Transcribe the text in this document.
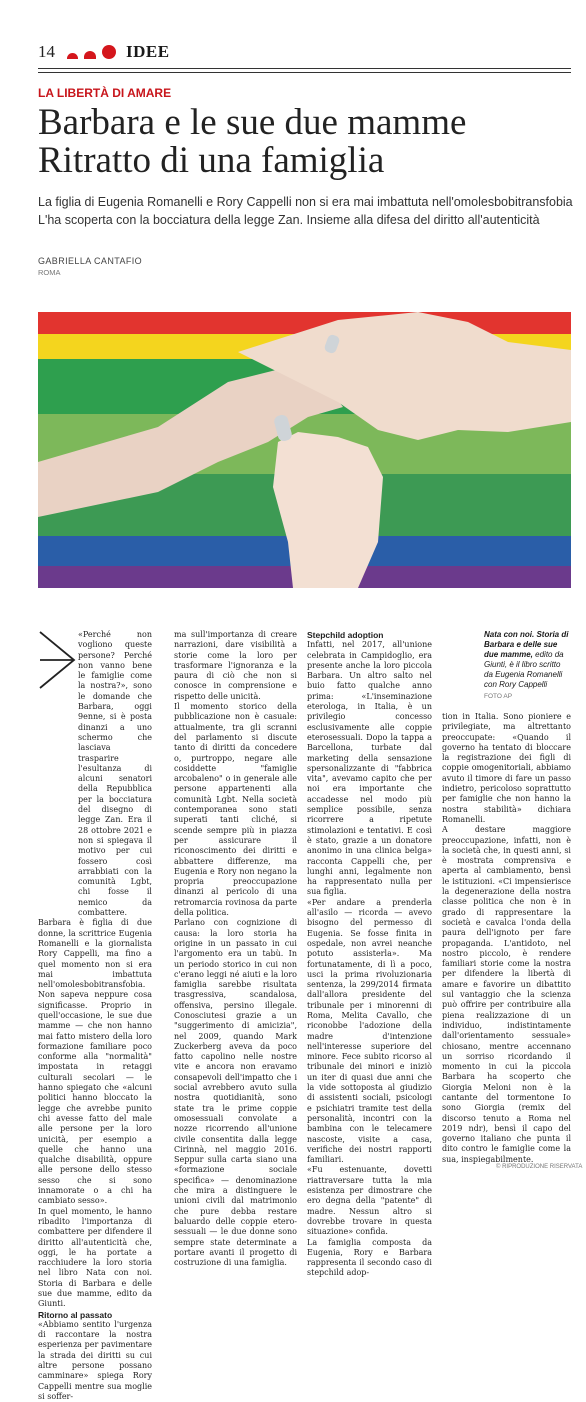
14	IDEE
LA LIBERTÀ DI AMARE
Barbara e le sue due mamme
Ritratto di una famiglia
La figlia di Eugenia Romanelli e Rory Cappelli non si era mai imbattuta nell'omolesbobitransfobia L'ha scoperta con la bocciatura della legge Zan. Insieme alla difesa del diritto all'autenticità
GABRIELLA CANTAFIO
ROMA

«Perché non vogliono queste persone? Perché non vanno bene le famiglie come la nostra?», sono le domande che Barbara, oggi 9enne, si è posta dinanzi a uno schermo che lasciava trasparire l'esultanza di alcuni senatori della Repubblica per la bocciatura del disegno di legge Zan. Era il 28 ottobre 2021 e non si spiegava il motivo per cui fossero così arrabbiati con la comunità Lgbt, chi fosse il nemico da combattere.

Barbara è figlia di due donne, la scrittrice Eugenia Romanelli e la giornalista Rory Cappelli, ma fino a quel momento non si era mai imbattuta nell'omolesbobitransfobia. Non sapeva neppure cosa significasse. Proprio in quell'occasione, le sue due mamme — che non hanno mai fatto mistero della loro formazione familiare poco conforme alla "normalità" impostata in retaggi culturali secolari — le hanno spiegato che «alcuni politici hanno bloccato la legge che avrebbe punito chi avesse fatto del male alle persone per la loro unicità, per esempio a quelle che hanno una qualche disabilità, oppure alle persone dello stesso sesso che si sono innamorate o a chi ha cambiato sesso».

In quel momento, le hanno ribadito l'importanza di combattere per difendere il diritto all'autenticità che, oggi, le ha portate a racchiudere la loro storia nel libro Nata con noi. Storia di Barbara e delle sue due mamme, edito da Giunti.

Ritorno al passato

«Abbiamo sentito l'urgenza di raccontare la nostra esperienza per pavimentare la strada dei diritti su cui altre persone possano camminare» spiega Rory Cappelli mentre sua moglie si soffer-

ma sull'importanza di creare narrazioni, dare visibilità a storie come la loro per trasformare l'ignoranza e la paura di ciò che non si conosce in comprensione e rispetto delle unicità.

Il momento storico della pubblicazione non è casuale: attualmente, tra gli scranni del parlamento si discute tanto di diritti da concedere o, purtroppo, negare alle cosiddette "famiglie arcobaleno" o in generale alle persone appartenenti alla comunità Lgbt. Nella società contemporanea sono stati superati tanti cliché, si scende sempre più in piazza per assicurare il riconoscimento dei diritti e abbattere differenze, ma Eugenia e Rory non negano la propria preoccupazione dinanzi al pericolo di una retromarcia rovinosa da parte della politica.

Parlano con cognizione di causa: la loro storia ha origine in un passato in cui l'argomento era un tabù. In un periodo storico in cui non c'erano leggi né aiuti e la loro famiglia sarebbe risultata trasgressiva, scandalosa, offensiva, persino illegale. Conosciutesi grazie a un "suggerimento di amicizia", nel 2009, quando Mark Zuckerberg aveva da poco fatto capolino nelle nostre vite e ancora non eravamo consapevoli dell'impatto che i social avrebbero avuto sulla nostra quotidianità, sono state tra le prime coppie omosessuali convolate a nozze ricorrendo all'unione civile consentita dalla legge Cirinnà, nel maggio 2016. Seppur sulla carta siano una «formazione sociale specifica» — denominazione che mira a distinguere le unioni civili dal matrimonio che pure debba restare baluardo delle coppie etero-sessuali — le due donne sono sempre state determinate a portare avanti il progetto di costruzione di una famiglia.

Stepchild adoption

Infatti, nel 2017, all'unione celebrata in Campidoglio, era presente anche la loro piccola Barbara. Un altro salto nel buio fatto qualche anno prima: «L'inseminazione eterologa, in Italia, è un privilegio concesso esclusivamente alle coppie eterosessuali. Dopo la tappa a Barcellona, turbate dal marketing della sensazione spersonalizzante di "fabbrica vita", avevamo capito che per noi era importante che accadesse nel modo più semplice possibile, senza ricorrere a ripetute stimolazioni e tentativi. E così è stato, grazie a un donatore anonimo in una clinica belga» racconta Cappelli che, per lunghi anni, legalmente non ha rappresentato nulla per sua figlia.

«Per andare a prenderla all'asilo — ricorda — avevo bisogno del permesso di Eugenia. Se fosse finita in ospedale, non avrei neanche potuto assisterla». Ma fortunatamente, di lì a poco, usci la prima rivoluzionaria sentenza, la 299/2014 firmata dall'allora presidente del tribunale per i minorenni di Roma, Melita Cavallo, che riconobbe l'adozione della madre d'intenzione nell'interesse superiore del minore. Fece subito ricorso al tribunale dei minori e iniziò un iter di quasi due anni che la vide sottoposta al giudizio di assistenti sociali, psicologi e psichiatri tramite test della personalità, incontri con la bambina con le telecamere nascoste, visite a casa, verifiche dei nostri rapporti familiari.

«Fu estenuante, dovetti riattraversare tutta la mia esistenza per dimostrare che ero degna della "patente" di madre. Nessun altro si dovrebbe trovare in questa situazione» confida.

La famiglia composta da Eugenia, Rory e Barbara rappresenta il secondo caso di stepchild adop-

Nata con noi. Storia di Barbara e delle sue due mamme, edito da Giunti, è il libro scritto da Eugenia Romanelli con Rory Cappelli
FOTO AP

tion in Italia. Sono pioniere e privilegiate, ma altrettanto preoccupate: «Quando il governo ha tentato di bloccare la registrazione dei figli di coppie omogenitoriali, abbiamo avuto il timore di fare un passo indietro, pericoloso soprattutto per famiglie che non hanno la nostra stabilità» dichiara Romanelli.

A destare maggiore preoccupazione, infatti, non è la società che, in questi anni, si è mostrata comprensiva e aperta al cambiamento, bensì le istituzioni. «Ci impensierisce la degenerazione della nostra classe politica che non è in grado di rappresentare la società e cavalca l'onda della paura dell'ignoto per fare propaganda. L'antidoto, nel nostro piccolo, è rendere familiari storie come la nostra per difendere la libertà di amare e favorire un dibattito sul vantaggio che la scienza può offrire per contribuire alla piena realizzazione di un individuo, indistintamente dall'orientamento sessuale» chiosano, mentre accennano un sorriso ricordando il momento in cui la piccola Barbara ha scoperto che Giorgia Meloni non è la cantante del tormentone Io sono Giorgia (remix del discorso tenuto a Roma nel 2019 ndr), bensì il capo del governo italiano che punta il dito contro le famiglie come la sua, inspiegabilmente.

© RIPRODUZIONE RISERVATA
